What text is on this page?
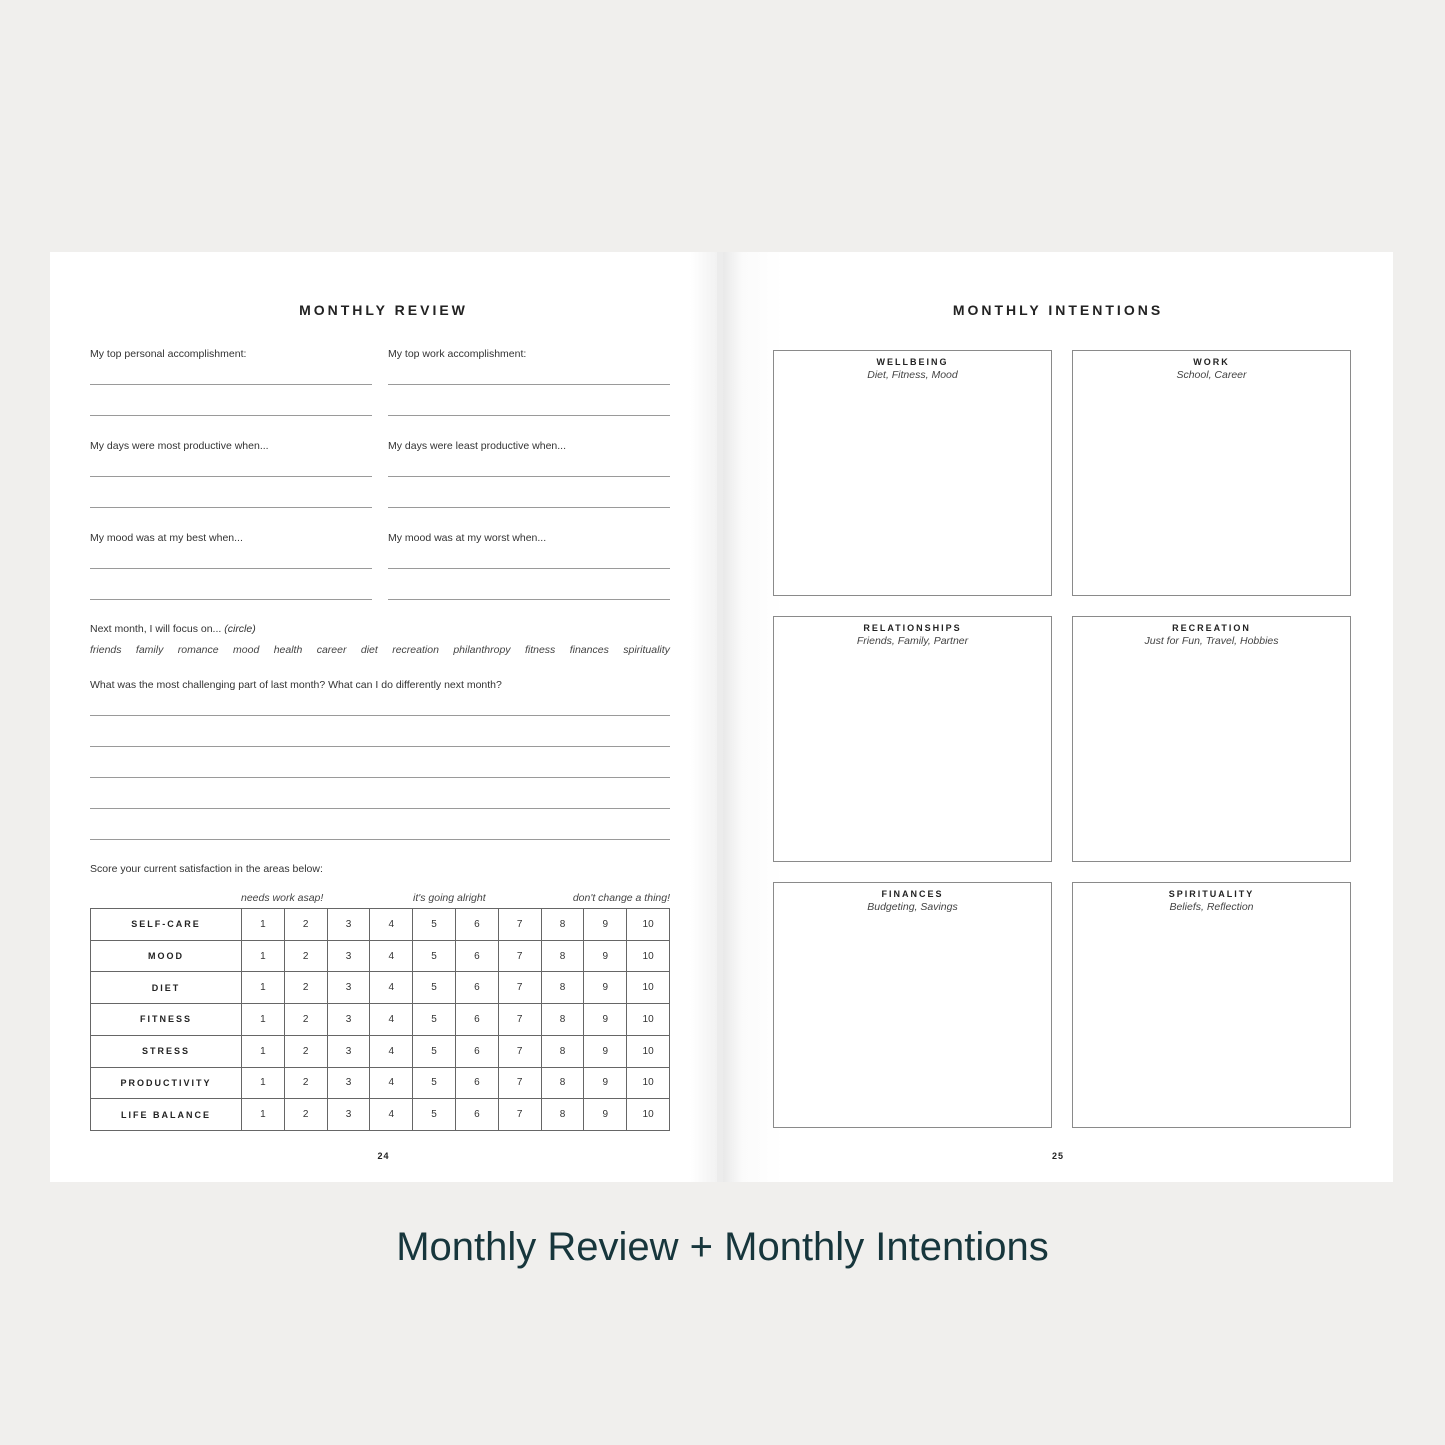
MONTHLY REVIEW
My top personal accomplishment:	My top work accomplishment:
My days were most productive when...	My days were least productive when...
My mood was at my best when...	My mood was at my worst when...
Next month, I will focus on... (circle)
friends family romance mood health career diet recreation philanthropy fitness finances spirituality
What was the most challenging part of last month? What can I do differently next month?
Score your current satisfaction in the areas below:
needs work asap!	it's going alright	don't change a thing!
SELF-CARE	1	2	3	4	5	6	7	8	9	10
MOOD	1	2	3	4	5	6	7	8	9	10
DIET	1	2	3	4	5	6	7	8	9	10
FITNESS	1	2	3	4	5	6	7	8	9	10
STRESS	1	2	3	4	5	6	7	8	9	10
PRODUCTIVITY	1	2	3	4	5	6	7	8	9	10
LIFE BALANCE	1	2	3	4	5	6	7	8	9	10
24
MONTHLY INTENTIONS
WELLBEING
Diet, Fitness, Mood
WORK
School, Career
RELATIONSHIPS
Friends, Family, Partner
RECREATION
Just for Fun, Travel, Hobbies
FINANCES
Budgeting, Savings
SPIRITUALITY
Beliefs, Reflection
25
Monthly Review + Monthly Intentions
